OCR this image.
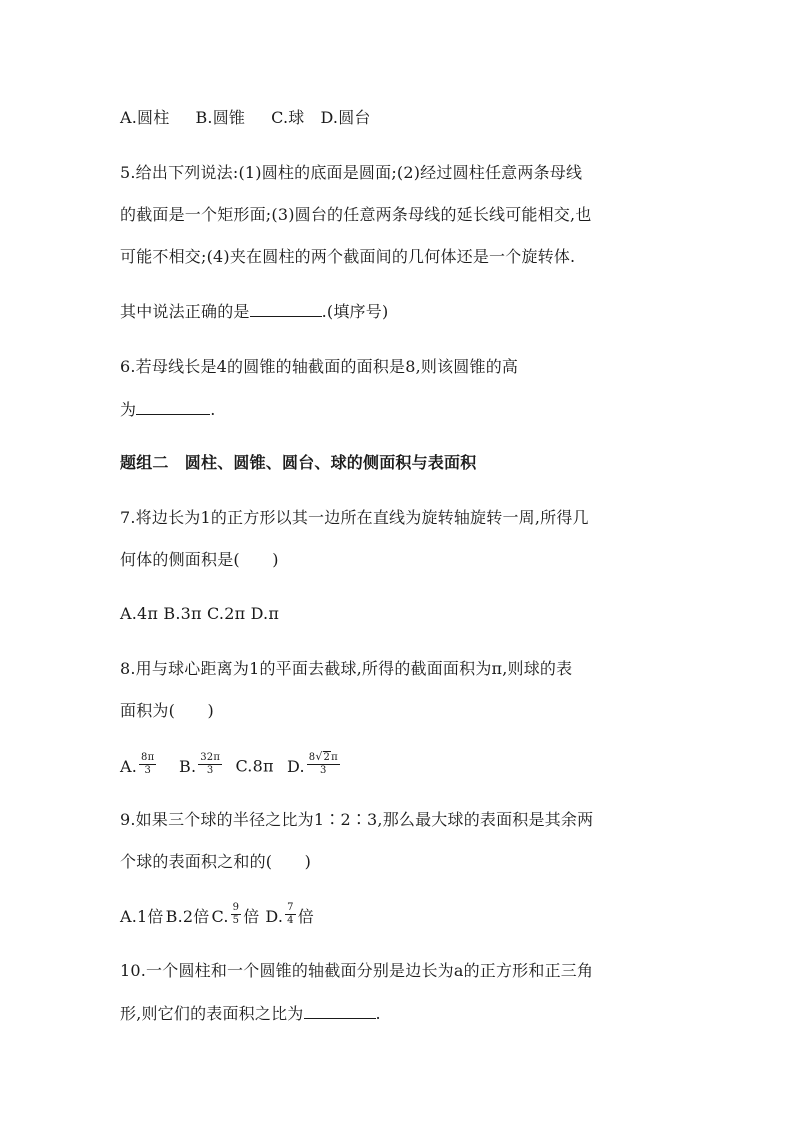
A.圆柱 B.圆锥 C.球 D.圆台
5.给出下列说法:(1)圆柱的底面是圆面;(2)经过圆柱任意两条母线
的截面是一个矩形面;(3)圆台的任意两条母线的延长线可能相交,也
可能不相交;(4)夹在圆柱的两个截面间的几何体还是一个旋转体.
其中说法正确的是	.(填序号)
6.若母线长是4的圆锥的轴截面的面积是8,则该圆锥的高
为	.
题组二　圆柱、圆锥、圆台、球的侧面积与表面积
7.将边长为1的正方形以其一边所在直线为旋转轴旋转一周,所得几
何体的侧面积是(　　)
A.4π B.3π C.2π D.π
8.用与球心距离为1的平面去截球,所得的截面面积为π,则球的表
面积为(　　)
A. $\frac{8\pi}{3} B$. $\frac{32\pi}{3} C.8\pi$ D. $\frac{8 √ 2 \pi}{3}$
9.如果三个球的半径之比为1∶2∶3,那么最大球的表面积是其余两
个球的表面积之和的(　　)
A.1倍 B.2倍 C. $\frac{9}{5}$ 倍 D. $\frac{7}{4}$ 倍
10.一个圆柱和一个圆锥的轴截面分别是边长为a的正方形和正三角
形,则它们的表面积之比为	.
